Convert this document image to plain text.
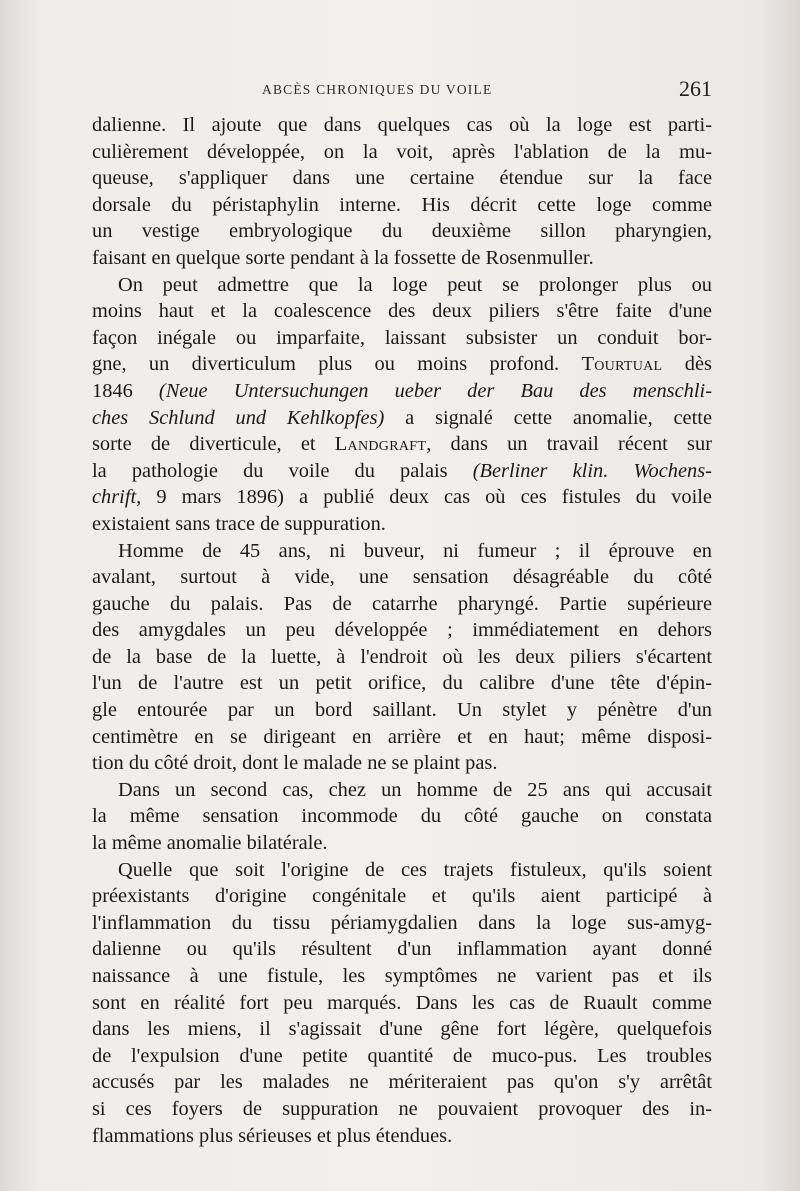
ABCÈS CHRONIQUES DU VOILE	261

dalienne. Il ajoute que dans quelques cas où la loge est parti-
culièrement développée, on la voit, après l'ablation de la mu-
queuse, s'appliquer dans une certaine étendue sur la face
dorsale du péristaphylin interne. His décrit cette loge comme
un vestige embryologique du deuxième sillon pharyngien,
faisant en quelque sorte pendant à la fossette de Rosenmuller.

On peut admettre que la loge peut se prolonger plus ou
moins haut et la coalescence des deux piliers s'être faite d'une
façon inégale ou imparfaite, laissant subsister un conduit bor-
gne, un diverticulum plus ou moins profond. Tourtual dès
1846 (Neue Untersuchungen ueber der Bau des menschli-
ches Schlund und Kehlkopfes) a signalé cette anomalie, cette
sorte de diverticule, et Landgraft, dans un travail récent sur
la pathologie du voile du palais (Berliner klin. Wochens-
chrift, 9 mars 1896) a publié deux cas où ces fistules du voile
existaient sans trace de suppuration.

Homme de 45 ans, ni buveur, ni fumeur ; il éprouve en
avalant, surtout à vide, une sensation désagréable du côté
gauche du palais. Pas de catarrhe pharyngé. Partie supérieure
des amygdales un peu développée ; immédiatement en dehors
de la base de la luette, à l'endroit où les deux piliers s'écartent
l'un de l'autre est un petit orifice, du calibre d'une tête d'épin-
gle entourée par un bord saillant. Un stylet y pénètre d'un
centimètre en se dirigeant en arrière et en haut; même disposi-
tion du côté droit, dont le malade ne se plaint pas.

Dans un second cas, chez un homme de 25 ans qui accusait
la même sensation incommode du côté gauche on constata
la même anomalie bilatérale.

Quelle que soit l'origine de ces trajets fistuleux, qu'ils soient
préexistants d'origine congénitale et qu'ils aient participé à
l'inflammation du tissu périamygdalien dans la loge sus-amyg-
dalienne ou qu'ils résultent d'un inflammation ayant donné
naissance à une fistule, les symptômes ne varient pas et ils
sont en réalité fort peu marqués. Dans les cas de Ruault comme
dans les miens, il s'agissait d'une gêne fort légère, quelquefois
de l'expulsion d'une petite quantité de muco-pus. Les troubles
accusés par les malades ne mériteraient pas qu'on s'y arrêtât
si ces foyers de suppuration ne pouvaient provoquer des in-
flammations plus sérieuses et plus étendues.
